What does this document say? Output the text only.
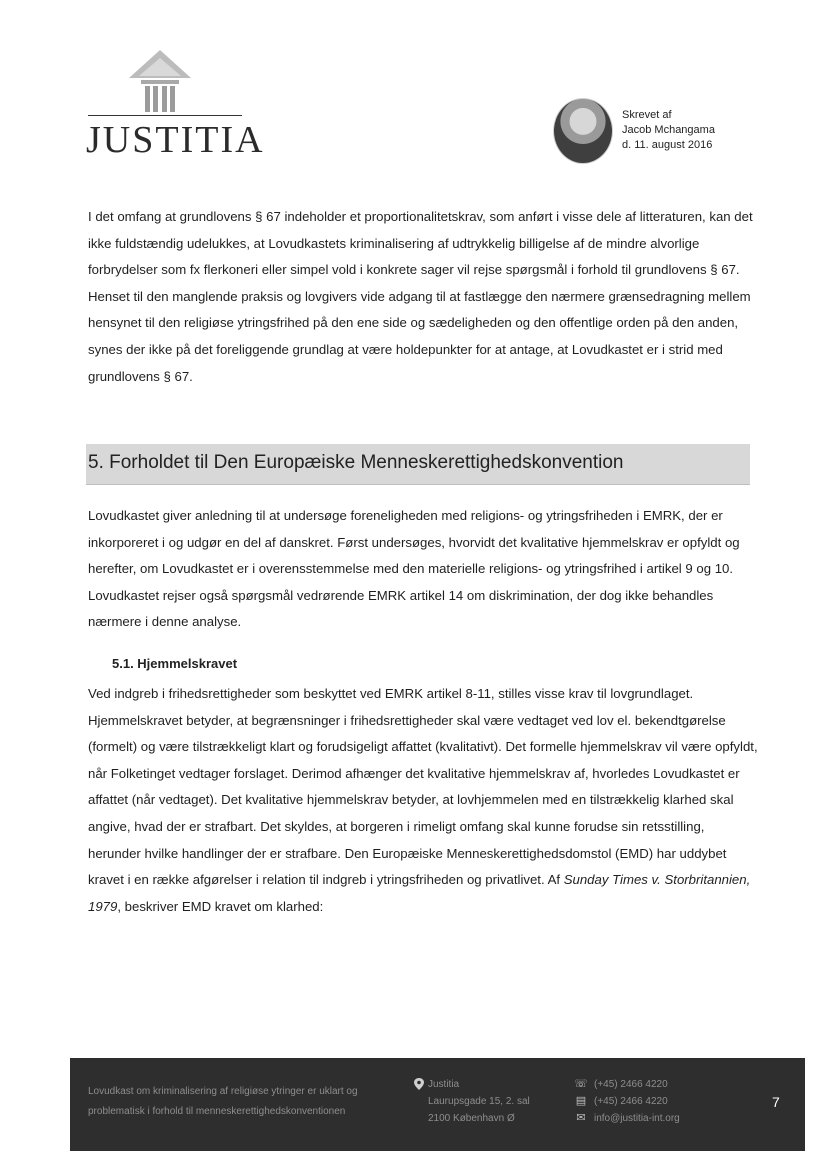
JUSTITIA
Skrevet af
Jacob Mchangama
d. 11. august 2016
I det omfang at grundlovens § 67 indeholder et proportionalitetskrav, som anført i visse dele af litteraturen, kan det ikke fuldstændig udelukkes, at Lovudkastets kriminalisering af udtrykkelig billigelse af de mindre alvorlige forbrydelser som fx flerkoneri eller simpel vold i konkrete sager vil rejse spørgsmål i forhold til grundlovens § 67. Henset til den manglende praksis og lovgivers vide adgang til at fastlægge den nærmere grænsedragning mellem hensynet til den religiøse ytringsfrihed på den ene side og sædeligheden og den offentlige orden på den anden, synes der ikke på det foreliggende grundlag at være holdepunkter for at antage, at Lovudkastet er i strid med grundlovens § 67.
5. Forholdet til Den Europæiske Menneskerettighedskonvention
Lovudkastet giver anledning til at undersøge foreneligheden med religions- og ytringsfriheden i EMRK, der er inkorporeret i og udgør en del af danskret. Først undersøges, hvorvidt det kvalitative hjemmelskrav er opfyldt og herefter, om Lovudkastet er i overensstemmelse med den materielle religions- og ytringsfrihed i artikel 9 og 10. Lovudkastet rejser også spørgsmål vedrørende EMRK artikel 14 om diskrimination, der dog ikke behandles nærmere i denne analyse.
5.1. Hjemmelskravet
Ved indgreb i frihedsrettigheder som beskyttet ved EMRK artikel 8-11, stilles visse krav til lovgrundlaget. Hjemmelskravet betyder, at begrænsninger i frihedsrettigheder skal være vedtaget ved lov el. bekendtgørelse (formelt) og være tilstrækkeligt klart og forudsigeligt affattet (kvalitativt). Det formelle hjemmelskrav vil være opfyldt, når Folketinget vedtager forslaget. Derimod afhænger det kvalitative hjemmelskrav af, hvorledes Lovudkastet er affattet (når vedtaget). Det kvalitative hjemmelskrav betyder, at lovhjemmelen med en tilstrækkelig klarhed skal angive, hvad der er strafbart. Det skyldes, at borgeren i rimeligt omfang skal kunne forudse sin retsstilling, herunder hvilke handlinger der er strafbare. Den Europæiske Menneskerettighedsdomstol (EMD) har uddybet kravet i en række afgørelser i relation til indgreb i ytringsfriheden og privatlivet. Af Sunday Times v. Storbritannien, 1979, beskriver EMD kravet om klarhed:
Lovudkast om kriminalisering af religiøse ytringer er uklart og
problematisk i forhold til menneskerettighedskonventionen
Justitia
Laurupsgade 15, 2. sal
2100 København Ø
☏ (+45) 2466 4220
▤ (+45) 2466 4220
✉ info@justitia-int.org
7
